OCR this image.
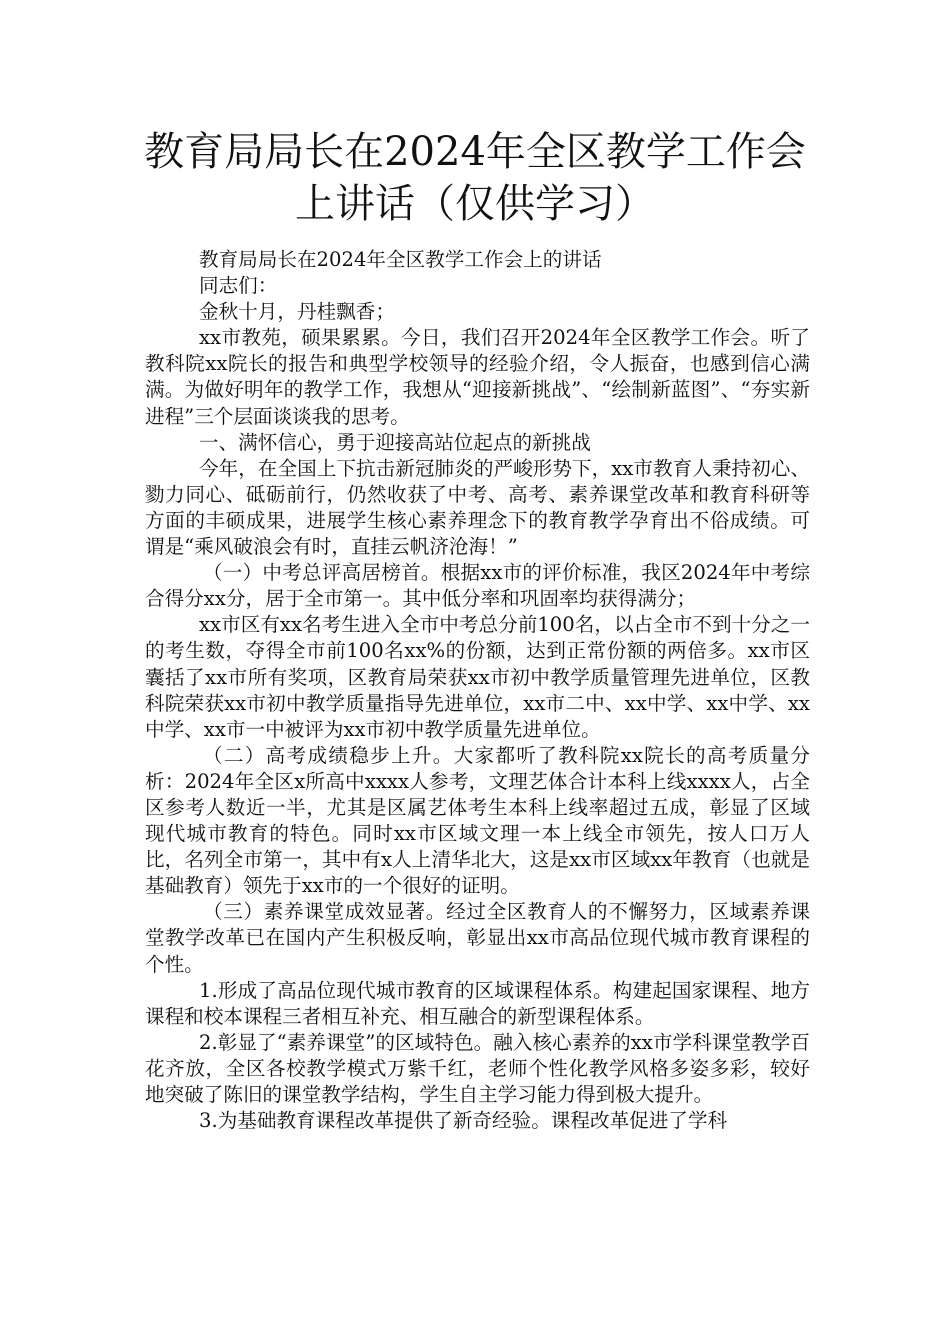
教育局局长在2024年全区教学工作会上讲话（仅供学习）

教育局局长在2024年全区教学工作会上的讲话

同志们：

金秋十月，丹桂飘香；

xx市教苑，硕果累累。今日，我们召开2024年全区教学工作会。听了教科院xx院长的报告和典型学校领导的经验介绍，令人振奋，也感到信心满满。为做好明年的教学工作，我想从“迎接新挑战”、“绘制新蓝图”、“夯实新进程”三个层面谈谈我的思考。

一、满怀信心，勇于迎接高站位起点的新挑战

今年，在全国上下抗击新冠肺炎的严峻形势下，xx市教育人秉持初心、勠力同心、砥砺前行，仍然收获了中考、高考、素养课堂改革和教育科研等方面的丰硕成果，进展学生核心素养理念下的教育教学孕育出不俗成绩。可谓是“乘风破浪会有时，直挂云帆济沧海！”

（一）中考总评高居榜首。根据xx市的评价标准，我区2024年中考综合得分xx分，居于全市第一。其中低分率和巩固率均获得满分；

xx市区有xx名考生进入全市中考总分前100名，以占全市不到十分之一的考生数，夺得全市前100名xx%的份额，达到正常份额的两倍多。xx市区囊括了xx市所有奖项，区教育局荣获xx市初中教学质量管理先进单位，区教科院荣获xx市初中教学质量指导先进单位，xx市二中、xx中学、xx中学、xx中学、xx市一中被评为xx市初中教学质量先进单位。

（二）高考成绩稳步上升。大家都听了教科院xx院长的高考质量分析：2024年全区x所高中xxxx人参考，文理艺体合计本科上线xxxx人，占全区参考人数近一半，尤其是区属艺体考生本科上线率超过五成，彰显了区域现代城市教育的特色。同时xx市区域文理一本上线全市领先，按人口万人比，名列全市第一，其中有x人上清华北大，这是xx市区域xx年教育（也就是基础教育）领先于xx市的一个很好的证明。

（三）素养课堂成效显著。经过全区教育人的不懈努力，区域素养课堂教学改革已在国内产生积极反响，彰显出xx市高品位现代城市教育课程的个性。

1.形成了高品位现代城市教育的区域课程体系。构建起国家课程、地方课程和校本课程三者相互补充、相互融合的新型课程体系。

2.彰显了“素养课堂”的区域特色。融入核心素养的xx市学科课堂教学百花齐放，全区各校教学模式万紫千红，老师个性化教学风格多姿多彩，较好地突破了陈旧的课堂教学结构，学生自主学习能力得到极大提升。

3.为基础教育课程改革提供了新奇经验。课程改革促进了学科
